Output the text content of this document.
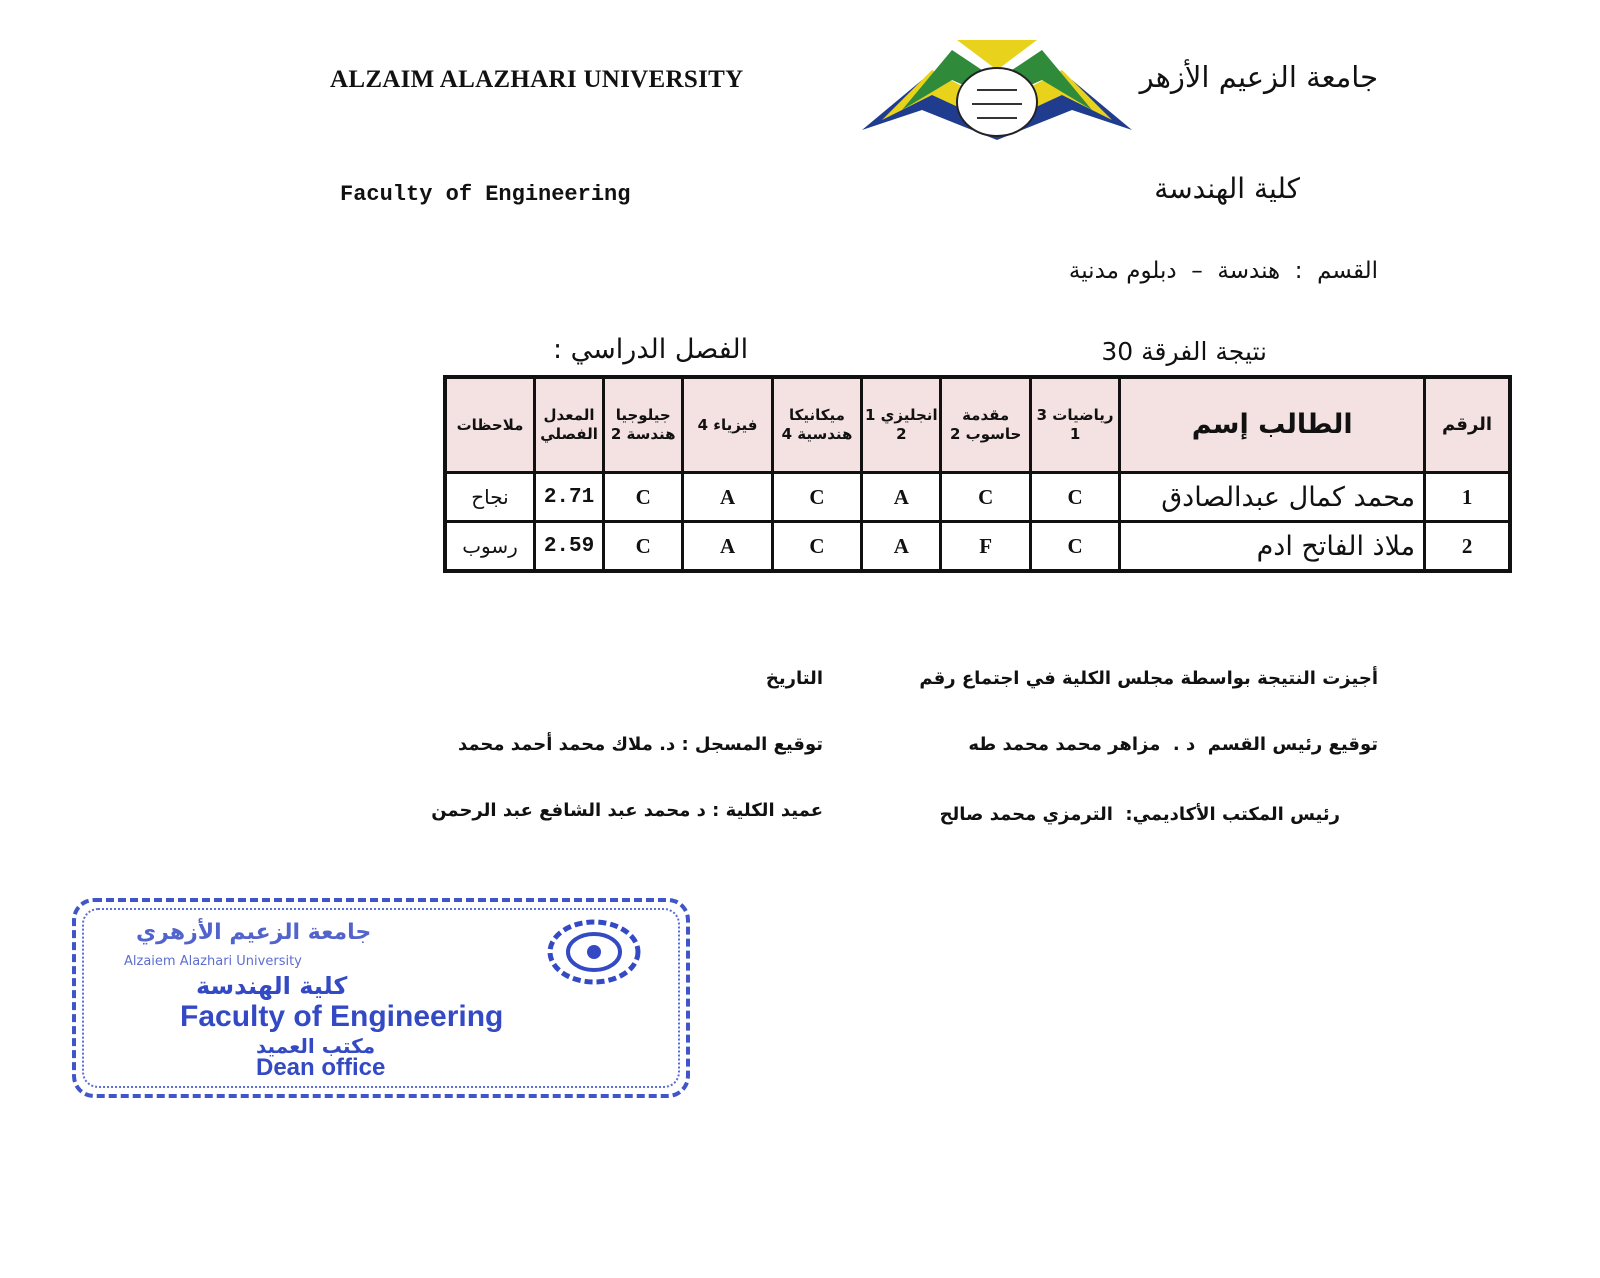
ALZAIM ALAZHARI UNIVERSITY	جامعة الزعيم الأزهر
Faculty of Engineering	كلية الهندسة
القسم  :  هندسة  –  دبلوم مدنية
الفصل الدراسي :	نتيجة الفرقة 30
الرقم	الطالب إسم	رياضيات 3 1	مقدمة حاسوب 2	انجليزي 1 2	ميكانيكا هندسية 4	فيزياء 4	جيلوجيا هندسة 2	المعدل الفصلي	ملاحظات
1	محمد كمال عبدالصادق	C	C	A	C	A	C	2.71	نجاح
2	ملاذ الفاتح ادم	C	F	A	C	A	C	2.59	رسوب
أجيزت النتيجة بواسطة مجلس الكلية في اجتماع رقم
التاريخ
توقيع رئيس القسم  د .  مزاهر محمد محمد طه
توقيع المسجل : د. ملاك محمد أحمد محمد
رئيس المكتب الأكاديمي:  الترمزي محمد صالح
عميد الكلية : د محمد عبد الشافع عبد الرحمن
جامعة الزعيم الأزهري
Alzaiem Alazhari University
كلية الهندسة
Faculty of Engineering
مكتب العميد
Dean office
